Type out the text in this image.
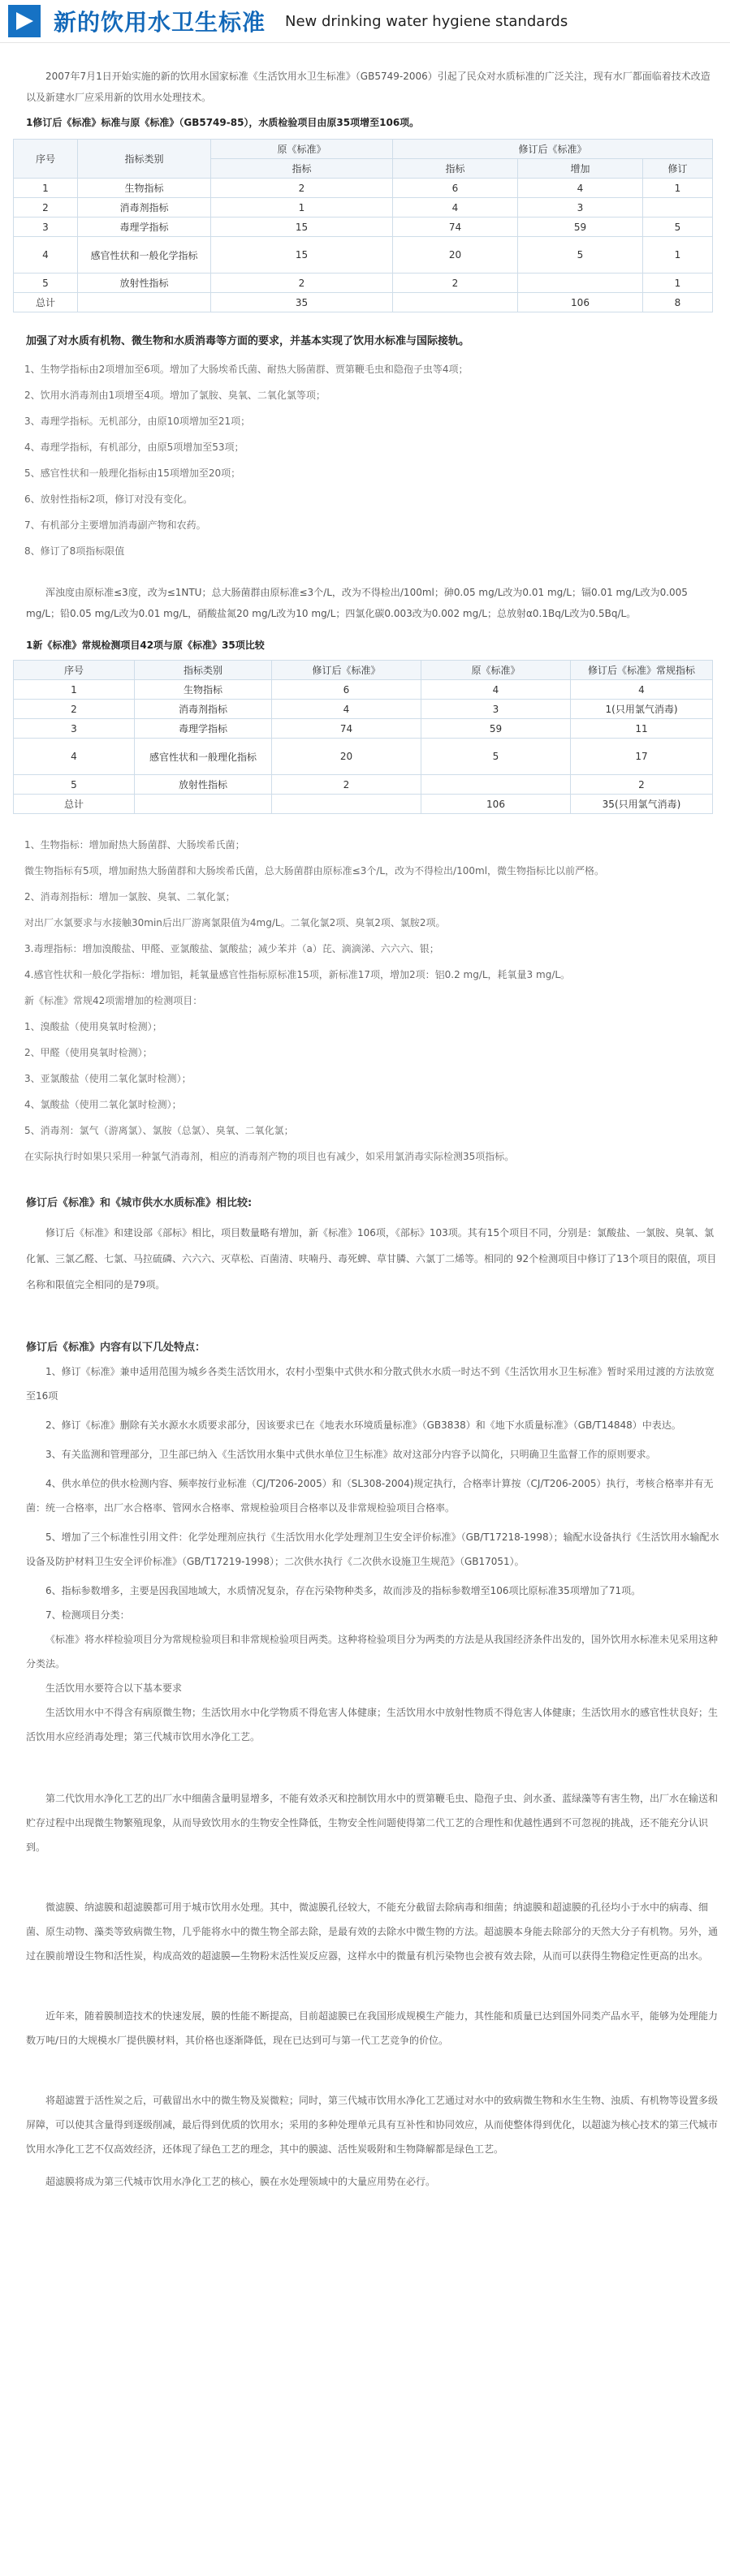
新的饮用水卫生标准 New drinking water hygiene standards

2007年7月1日开始实施的新的饮用水国家标准《生活饮用水卫生标准》（GB5749-2006）引起了民众对水质标准的广泛关注，现有水厂都面临着技术改造以及新建水厂应采用新的饮用水处理技术。

1修订后《标准》标准与原《标准》（GB5749-85），水质检验项目由原35项增至106项。

序号	指标类别	原《标准》	修订后《标准》		
		指标	指标	增加	修订
1	生物指标	2	6	4	1
2	消毒剂指标	1	4	3	
3	毒理学指标	15	74	59	5
4	感官性状和一般化学指标	15	20	5	1
5	放射性指标	2	2		1
总计		35		106	8

加强了对水质有机物、微生物和水质消毒等方面的要求，并基本实现了饮用水标准与国际接轨。

1、生物学指标由2项增加至6项。增加了大肠埃希氏菌、耐热大肠菌群、贾第鞭毛虫和隐孢子虫等4项；

2、饮用水消毒剂由1项增至4项。增加了氯胺、臭氧、二氧化氯等项；

3、毒理学指标。无机部分，由原10项增加至21项；

4、毒理学指标，有机部分，由原5项增加至53项；

5、感官性状和一般理化指标由15项增加至20项；

6、放射性指标2项，修订对没有变化。

7、有机部分主要增加消毒副产物和农药。

8、修订了8项指标限值

浑浊度由原标准≤3度，改为≤1NTU；总大肠菌群由原标准≤3个/L，改为不得检出/100ml；砷0.05 mg/L改为0.01 mg/L；镉0.01 mg/L改为0.005 mg/L；铅0.05 mg/L改为0.01 mg/L，硝酸盐氮20 mg/L改为10 mg/L；四氯化碳0.003改为0.002 mg/L；总放射α0.1Bq/L改为0.5Bq/L。

1新《标准》常规检测项目42项与原《标准》35项比较

序号	指标类别	修订后《标准》	原《标准》	修订后《标准》常规指标
1	生物指标	6	4	4
2	消毒剂指标	4	3	1(只用氯气消毒)
3	毒理学指标	74	59	11
4	感官性状和一般理化指标	20	5	17
5	放射性指标	2		2
总计			106	35(只用氯气消毒)

1、生物指标：增加耐热大肠菌群、大肠埃希氏菌；

微生物指标有5项，增加耐热大肠菌群和大肠埃希氏菌，总大肠菌群由原标准≤3个/L，改为不得检出/100ml，微生物指标比以前严格。

2、消毒剂指标：增加一氯胺、臭氧、二氧化氯；

对出厂水氯要求与水接触30min后出厂游离氯限值为4mg/L。二氧化氯2项、臭氧2项、氯胺2项。

3.毒理指标：增加溴酸盐、甲醛、亚氯酸盐、氯酸盐；减少苯并（a）芘、滴滴涕、六六六、银；

4.感官性状和一般化学指标：增加铝，耗氧量感官性指标原标准15项，新标准17项，增加2项：铝0.2 mg/L，耗氧量3 mg/L。

新《标准》常规42项需增加的检测项目：

1、溴酸盐（使用臭氧时检测）；

2、甲醛（使用臭氧时检测）；

3、亚氯酸盐（使用二氧化氯时检测）；

4、氯酸盐（使用二氧化氯时检测）；

5、消毒剂：氯气（游离氯）、氯胺（总氯）、臭氧、二氧化氯；

在实际执行时如果只采用一种氯气消毒剂，相应的消毒剂产物的项目也有减少，如采用氯消毒实际检测35项指标。

修订后《标准》和《城市供水水质标准》相比较:

修订后《标准》和建设部《部标》相比，项目数量略有增加，新《标准》106项，《部标》103项。其有15个项目不同，分别是：氯酸盐、一氯胺、臭氧、氯化氰、三氯乙醛、七氯、马拉硫磷、六六六、灭草松、百菌清、呋喃丹、毒死蜱、草甘膦、六氯丁二烯等。相同的 92个检测项目中修订了13个项目的限值，项目名称和限值完全相同的是79项。

修订后《标准》内容有以下几处特点：

1、修订《标准》兼申适用范围为城乡各类生活饮用水，农村小型集中式供水和分散式供水水质一时达不到《生活饮用水卫生标准》暂时采用过渡的方法放宽至16项

2、修订《标准》删除有关水源水水质要求部分，因该要求已在《地表水环境质量标准》（GB3838）和《地下水质量标准》（GB/T14848）中表达。

3、有关监测和管理部分，卫生部已纳入《生活饮用水集中式供水单位卫生标准》故对这部分内容予以简化，只明确卫生监督工作的原则要求。

4、供水单位的供水检测内容、频率按行业标准（CJ/T206-2005）和（SL308-2004)规定执行，合格率计算按（CJ/T206-2005）执行，考核合格率并有无菌：统一合格率，出厂水合格率、管网水合格率、常规检验项目合格率以及非常规检验项目合格率。

5、增加了三个标准性引用文件：化学处理剂应执行《生活饮用水化学处理剂卫生安全评价标准》（GB/T17218-1998）；输配水设备执行《生活饮用水输配水设备及防护材料卫生安全评价标准》（GB/T17219-1998）；二次供水执行《二次供水设施卫生规范》（GB17051）。

6、指标参数增多，主要是因我国地域大，水质情况复杂，存在污染物种类多，故而涉及的指标参数增至106项比原标准35项增加了71项。

7、检测项目分类：

《标准》将水样检验项目分为常规检验项目和非常规检验项目两类。这种将检验项目分为两类的方法是从我国经济条件出发的，国外饮用水标准未见采用这种分类法。

生活饮用水要符合以下基本要求

生活饮用水中不得含有病原微生物；生活饮用水中化学物质不得危害人体健康；生活饮用水中放射性物质不得危害人体健康；生活饮用水的感官性状良好；生活饮用水应经消毒处理；第三代城市饮用水净化工艺。

第二代饮用水净化工艺的出厂水中细菌含量明显增多，不能有效杀灭和控制饮用水中的贾第鞭毛虫、隐孢子虫、剑水蚤、蓝绿藻等有害生物，出厂水在输送和贮存过程中出现微生物繁殖现象，从而导致饮用水的生物安全性降低，生物安全性问题使得第二代工艺的合理性和优越性遇到不可忽视的挑战，还不能充分认识到。

微滤膜、纳滤膜和超滤膜都可用于城市饮用水处理。其中，微滤膜孔径较大，不能充分截留去除病毒和细菌；纳滤膜和超滤膜的孔径均小于水中的病毒、细菌、原生动物、藻类等致病微生物，几乎能将水中的微生物全部去除，是最有效的去除水中微生物的方法。超滤膜本身能去除部分的天然大分子有机物。另外，通过在膜前增设生物和活性炭，构成高效的超滤膜—生物粉末活性炭反应器，这样水中的微量有机污染物也会被有效去除，从而可以获得生物稳定性更高的出水。

近年来，随着膜制造技术的快速发展，膜的性能不断提高，目前超滤膜已在我国形成规模生产能力，其性能和质量已达到国外同类产品水平，能够为处理能力数万吨/日的大规模水厂提供膜材料，其价格也逐渐降低，现在已达到可与第一代工艺竞争的价位。

将超滤置于活性炭之后，可截留出水中的微生物及炭微粒；同时，第三代城市饮用水净化工艺通过对水中的致病微生物和水生生物、浊质、有机物等设置多级屏障，可以使其含量得到逐级削减，最后得到优质的饮用水；采用的多种处理单元具有互补性和协同效应，从而使整体得到优化，以超滤为核心技术的第三代城市饮用水净化工艺不仅高效经济，还体现了绿色工艺的理念，其中的膜滤、活性炭吸附和生物降解都是绿色工艺。

超滤膜将成为第三代城市饮用水净化工艺的核心，膜在水处理领域中的大量应用势在必行。
